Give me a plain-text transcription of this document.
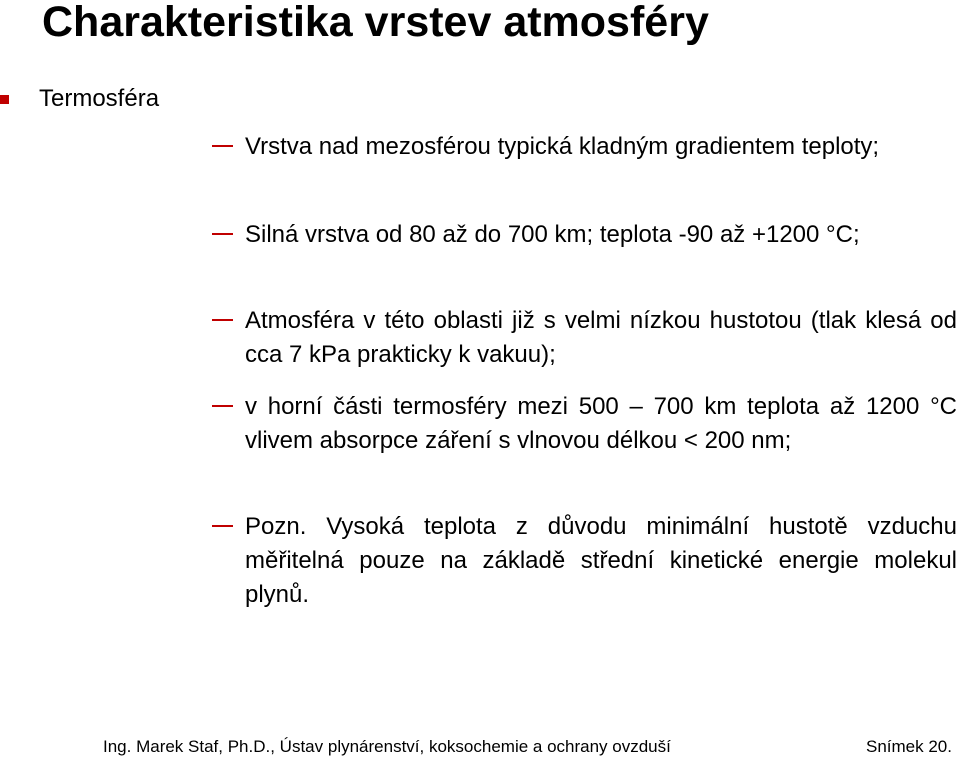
Charakteristika vrstev atmosféry
Termosféra
Vrstva nad mezosférou typická kladným gradientem teploty;
Silná vrstva od 80 až do 700 km; teplota -90 až +1200 °C;
Atmosféra v této oblasti již s velmi nízkou hustotou (tlak klesá od cca 7 kPa prakticky k vakuu);
v horní části termosféry mezi 500 – 700 km teplota až 1200 °C vlivem absorpce záření s vlnovou délkou < 200 nm;
Pozn. Vysoká teplota z důvodu minimální hustotě vzduchu měřitelná pouze na základě střední kinetické energie molekul plynů.
Ing. Marek Staf, Ph.D., Ústav plynárenství, koksochemie a ochrany ovzduší	Snímek 20.
